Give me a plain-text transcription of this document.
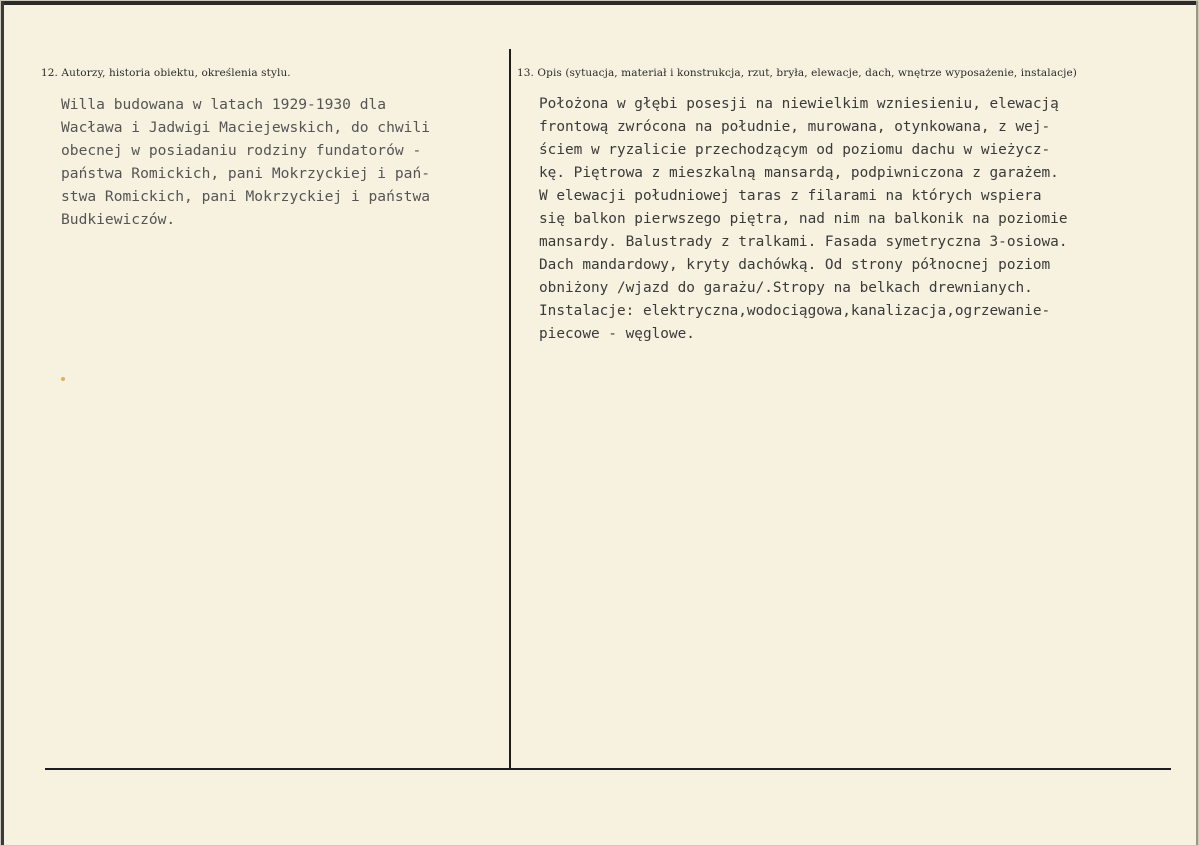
12. Autorzy, historia obiektu, określenia stylu.	13. Opis (sytuacja, materiał i konstrukcja, rzut, bryła, elewacje, dach, wnętrze wyposażenie, instalacje)
Willa budowana w latach 1929-1930 dla
Wacława i Jadwigi Maciejewskich, do chwili
obecnej w posiadaniu rodziny fundatorów -
państwa Romickich, pani Mokrzyckiej i pań-
stwa Romickich, pani Mokrzyckiej i państwa
Budkiewiczów.
Położona w głębi posesji na niewielkim wzniesieniu, elewacją
frontową zwrócona na południe, murowana, otynkowana, z wej-
ściem w ryzalicie przechodzącym od poziomu dachu w wieżycz-
kę. Piętrowa z mieszkalną mansardą, podpiwniczona z garażem.
W elewacji południowej taras z filarami na których wspiera
się balkon pierwszego piętra, nad nim na balkonik na poziomie
mansardy. Balustrady z tralkami. Fasada symetryczna 3-osiowa.
Dach mandardowy, kryty dachówką. Od strony północnej poziom
obniżony /wjazd do garażu/.Stropy na belkach drewnianych.
Instalacje: elektryczna,wodociągowa,kanalizacja,ogrzewanie-
piecowe - węglowe.
